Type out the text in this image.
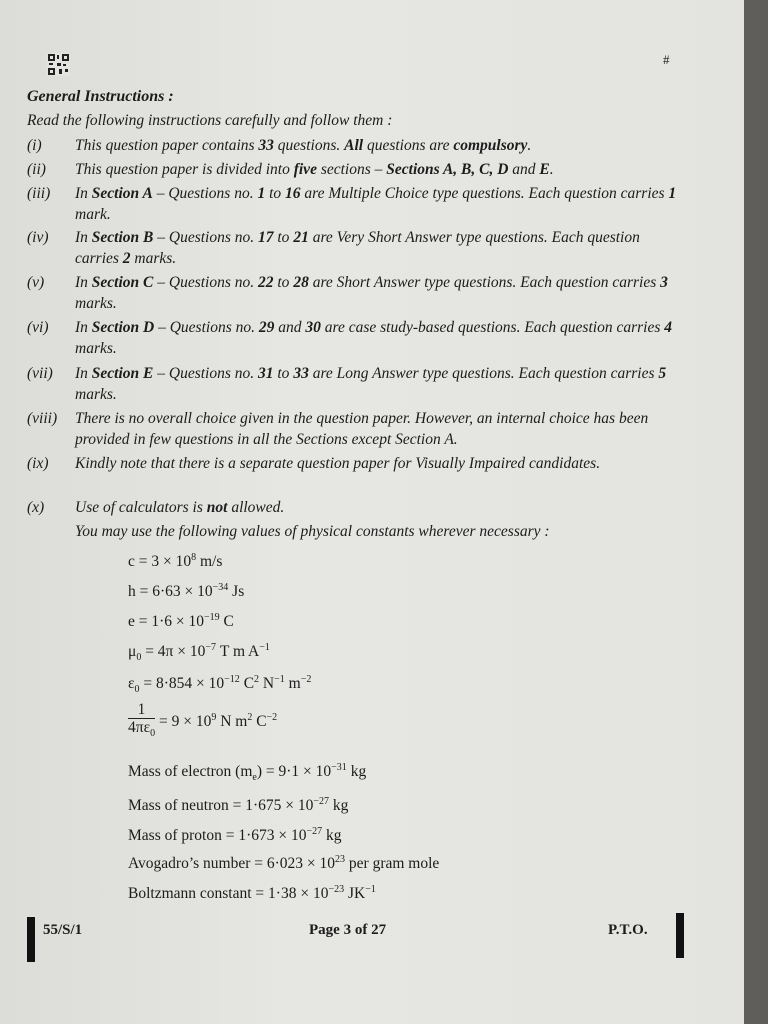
#
General Instructions :
Read the following instructions carefully and follow them :
(i)	This question paper contains 33 questions. All questions are compulsory.
(ii)	This question paper is divided into five sections – Sections A, B, C, D and E.
(iii)	In Section A – Questions no. 1 to 16 are Multiple Choice type questions. Each question carries 1 mark.
(iv)	In Section B – Questions no. 17 to 21 are Very Short Answer type questions. Each question carries 2 marks.
(v)	In Section C – Questions no. 22 to 28 are Short Answer type questions. Each question carries 3 marks.
(vi)	In Section D – Questions no. 29 and 30 are case study-based questions. Each question carries 4 marks.
(vii)	In Section E – Questions no. 31 to 33 are Long Answer type questions. Each question carries 5 marks.
(viii)	There is no overall choice given in the question paper. However, an internal choice has been provided in few questions in all the Sections except Section A.
(ix)	Kindly note that there is a separate question paper for Visually Impaired candidates.
(x)	Use of calculators is not allowed.
You may use the following values of physical constants wherever necessary :
$c = 3 \times 10^8$ m/s
$h = 6\cdot 63 \times 10^{-34}$ Js
$e = 1\cdot 6 \times 10^{-19}$ C
$\mu_0 = 4\pi \times 10^{-7}$ T m $A^{-1}$
$\varepsilon_0 = 8\cdot 854 \times 10^{-12}$ $C^2$ $N^{-1}$ $m^{-2}$
$\frac{1}{4\pi\varepsilon_0} = 9 \times 10^9$ N $m^2$ $C^{-2}$
Mass of electron $(m_e) = 9\cdot 1 \times 10^{-31}$ kg
Mass of neutron = $1\cdot 675 \times 10^{-27}$ kg
Mass of proton = $1\cdot 673 \times 10^{-27}$ kg
Avogadro’s number = $6\cdot 023 \times 10^{23}$ per gram mole
Boltzmann constant = $1\cdot 38 \times 10^{-23}$ $JK^{-1}$
55/S/1	Page 3 of 27	P.T.O.
